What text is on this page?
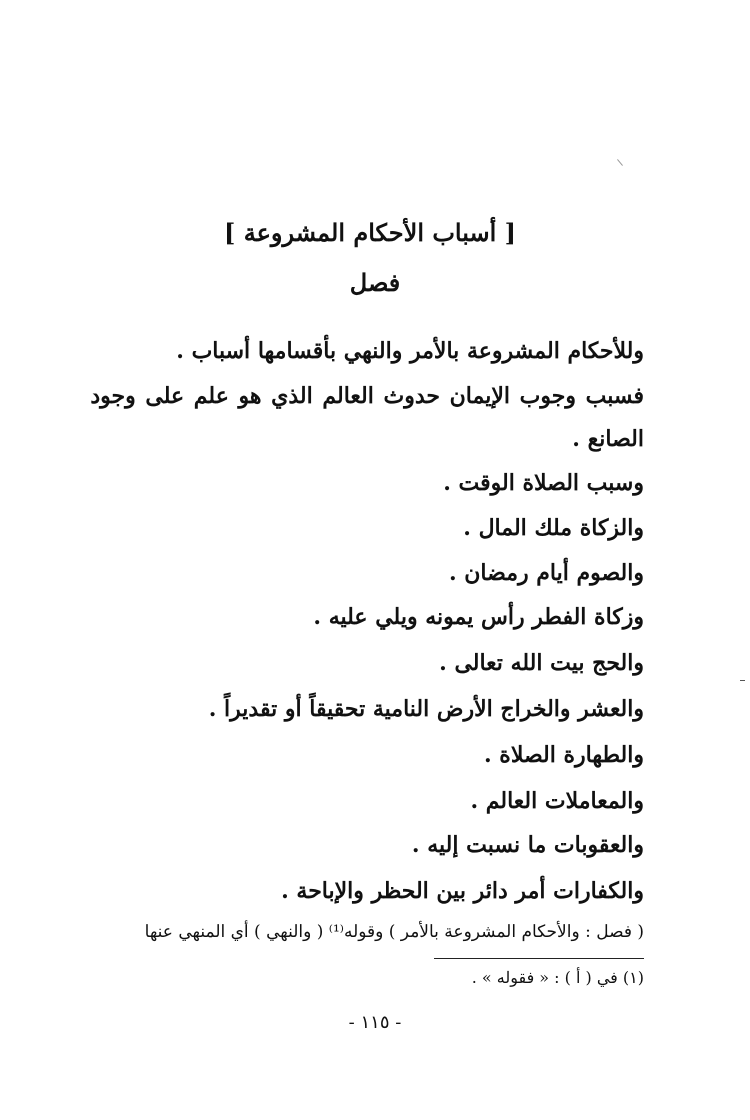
[ أسباب الأحكام المشروعة ]
فصل
وللأحكام المشروعة بالأمر والنهي بأقسامها أسباب .
فسبب وجوب الإيمان حدوث العالم الذي هو علم على وجود
الصانع .
وسبب الصلاة الوقت .
والزكاة ملك المال .
والصوم أيام رمضان .
وزكاة الفطر رأس يمونه ويلي عليه .
والحج بيت الله تعالى .
والعشر والخراج الأرض النامية تحقيقاً أو تقديراً .
والطهارة الصلاة .
والمعاملات العالم .
والعقوبات ما نسبت إليه .
والكفارات أمر دائر بين الحظر والإباحة .
( فصل : والأحكام المشروعة بالأمر ) وقوله⁽¹⁾ ( والنهي ) أي المنهي عنها
(١) في ( أ ) : « فقوله » .
- ١١٥ -
